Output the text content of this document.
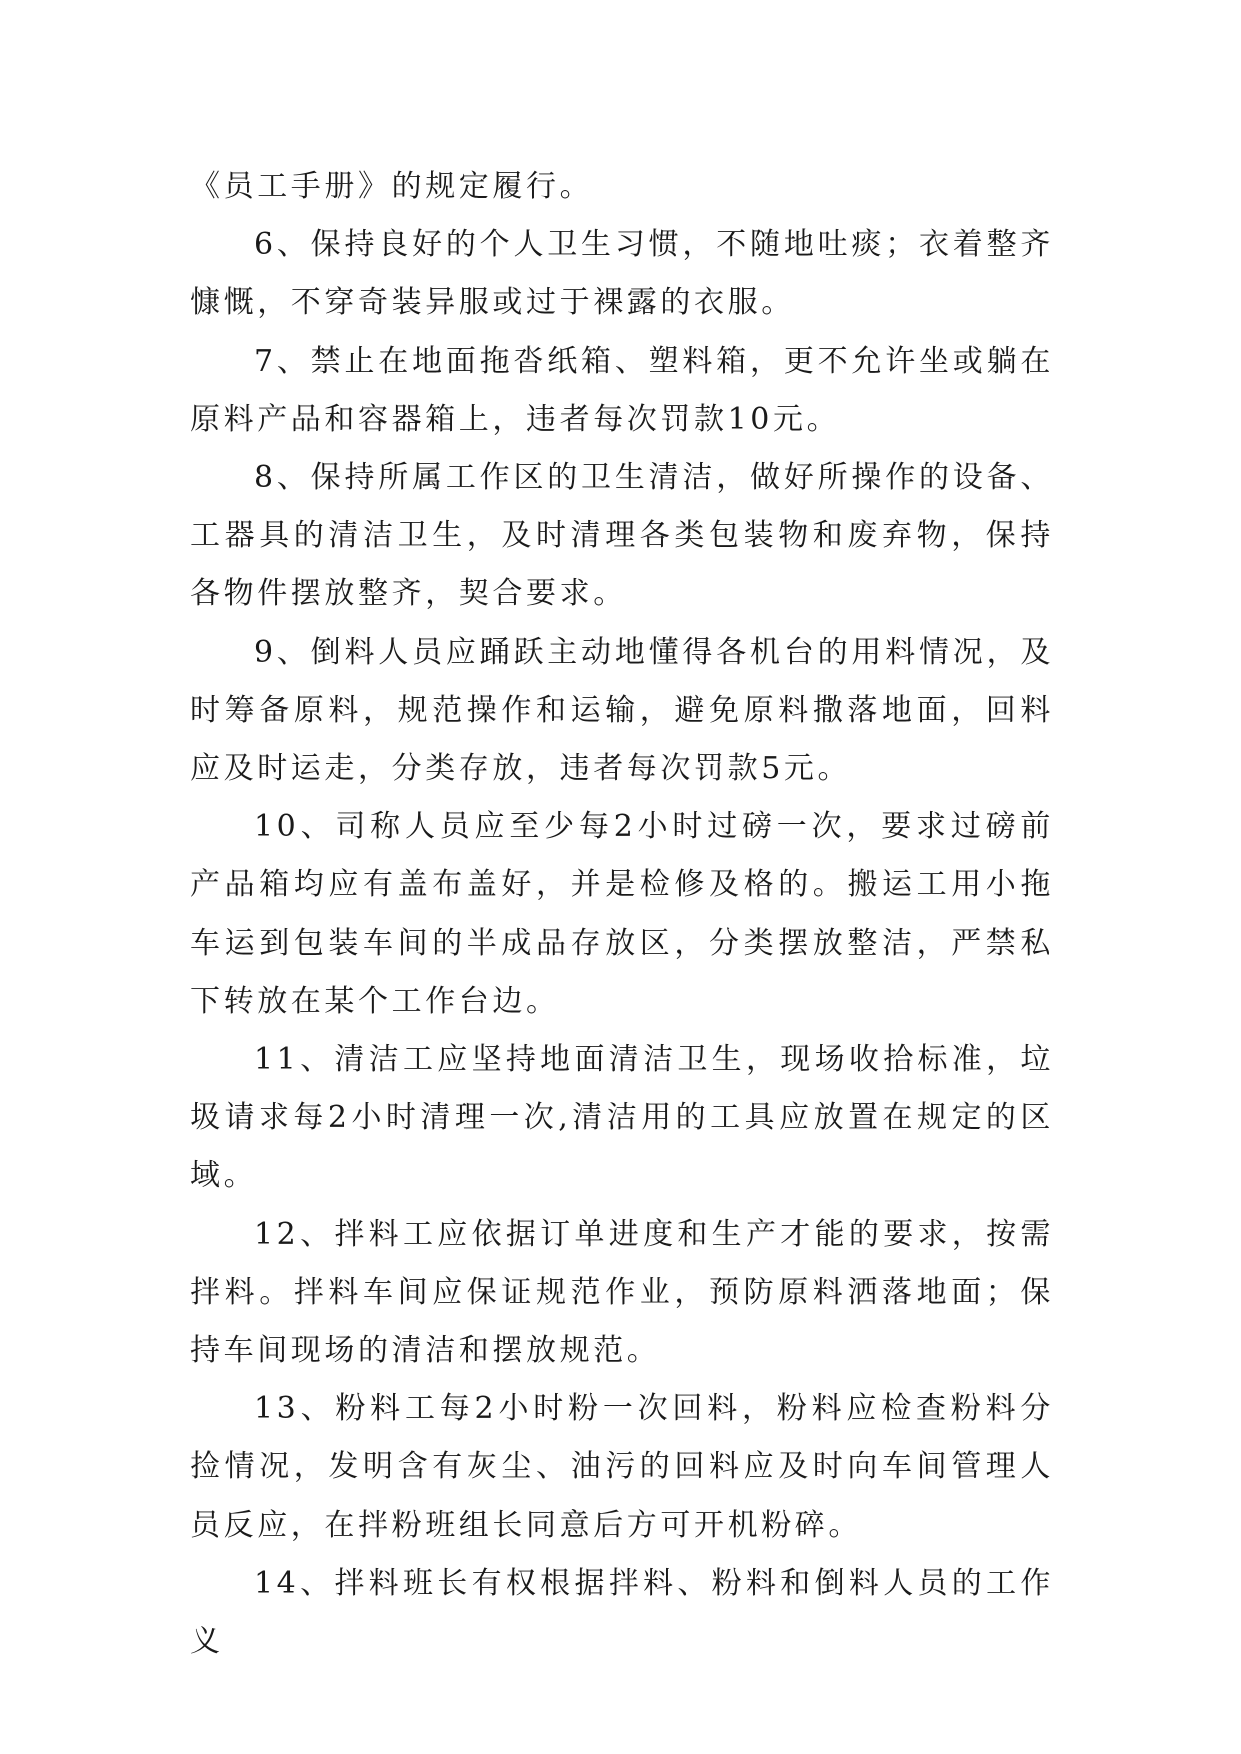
《员工手册》的规定履行。

6、保持良好的个人卫生习惯，不随地吐痰；衣着整齐慷慨，不穿奇装异服或过于裸露的衣服。

7、禁止在地面拖沓纸箱、塑料箱，更不允许坐或躺在原料产品和容器箱上，违者每次罚款10元。

8、保持所属工作区的卫生清洁，做好所操作的设备、工器具的清洁卫生，及时清理各类包装物和废弃物，保持各物件摆放整齐，契合要求。

9、倒料人员应踊跃主动地懂得各机台的用料情况，及时筹备原料，规范操作和运输，避免原料撒落地面，回料应及时运走，分类存放，违者每次罚款5元。

10、司称人员应至少每2小时过磅一次，要求过磅前产品箱均应有盖布盖好，并是检修及格的。搬运工用小拖车运到包装车间的半成品存放区，分类摆放整洁，严禁私下转放在某个工作台边。

11、清洁工应坚持地面清洁卫生，现场收拾标准，垃圾请求每2小时清理一次,清洁用的工具应放置在规定的区域。

12、拌料工应依据订单进度和生产才能的要求，按需拌料。拌料车间应保证规范作业，预防原料洒落地面；保持车间现场的清洁和摆放规范。

13、粉料工每2小时粉一次回料，粉料应检查粉料分捡情况，发明含有灰尘、油污的回料应及时向车间管理人员反应，在拌粉班组长同意后方可开机粉碎。

14、拌料班长有权根据拌料、粉料和倒料人员的工作义
